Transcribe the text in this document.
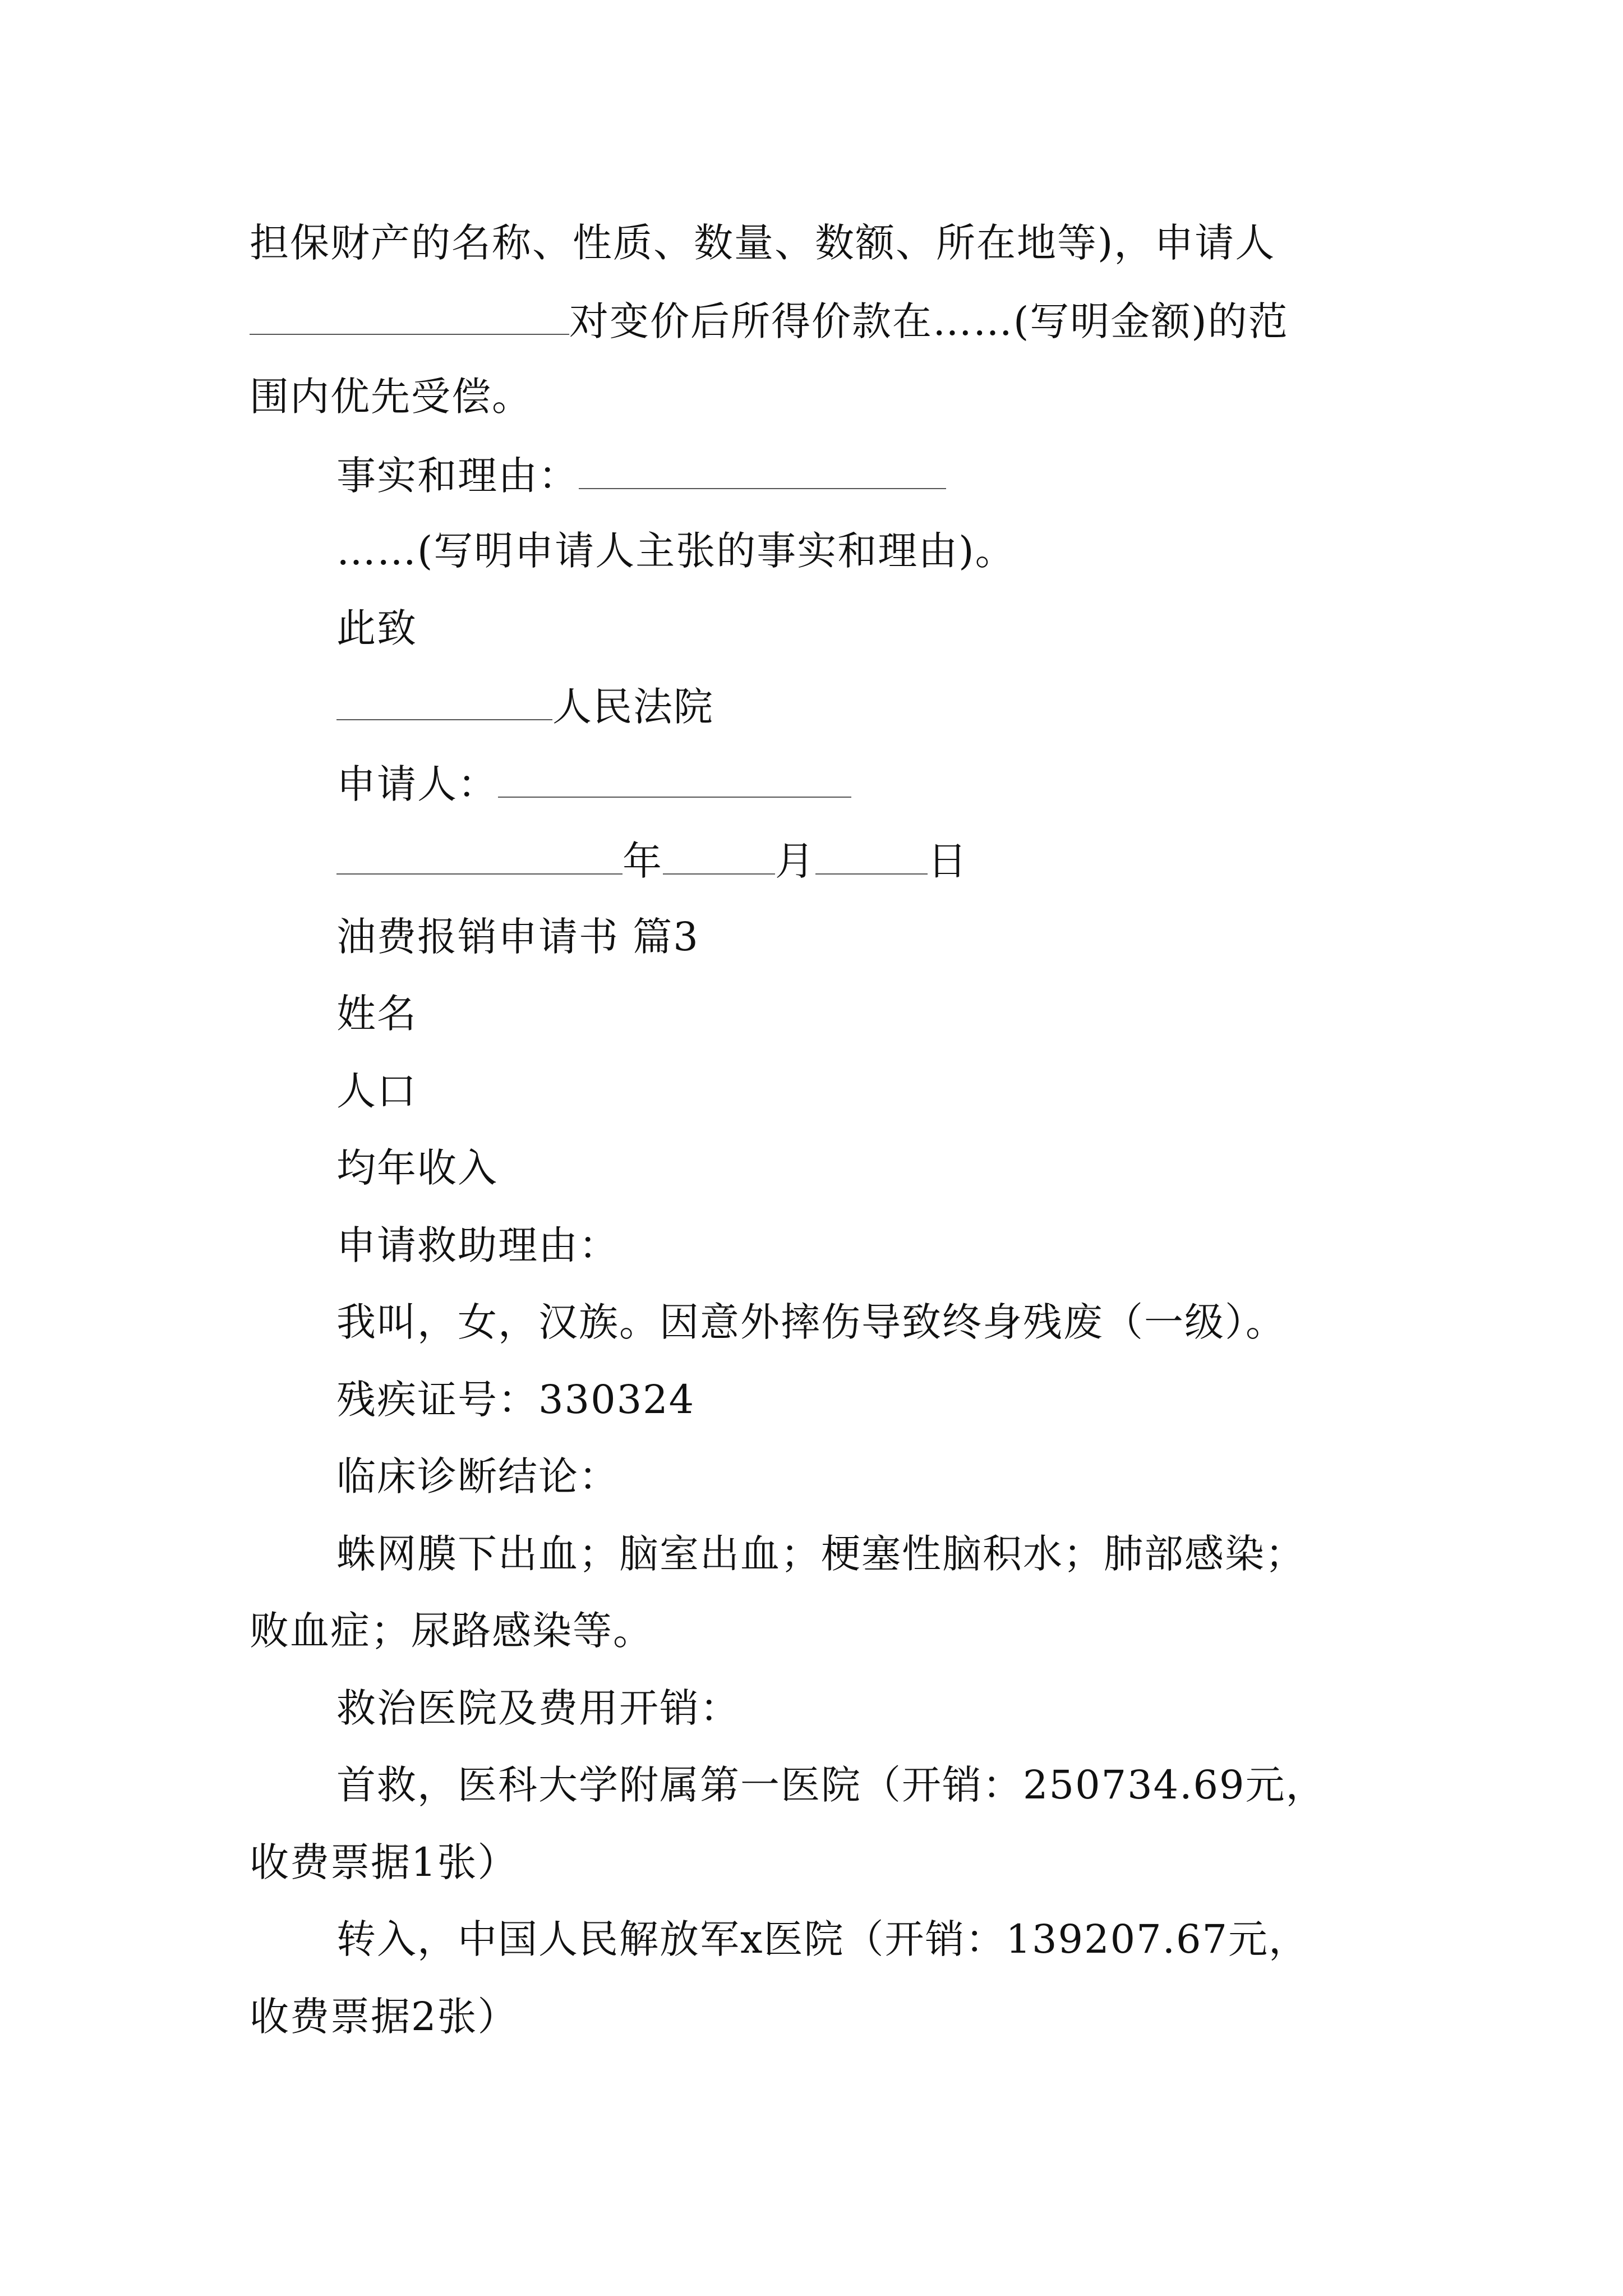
担保财产的名称、性质、数量、数额、所在地等)，申请人
对变价后所得价款在……(写明金额)的范
围内优先受偿。
事实和理由：
……(写明申请人主张的事实和理由)。
此致
人民法院
申请人：
年	月	日
油费报销申请书 篇3
姓名
人口
均年收入
申请救助理由：
我叫，女，汉族。因意外摔伤导致终身残废（一级）。
残疾证号：330324
临床诊断结论：
蛛网膜下出血；脑室出血；梗塞性脑积水；肺部感染；
败血症；尿路感染等。
救治医院及费用开销：
首救，医科大学附属第一医院（开销：250734.69元，
收费票据1张）
转入，中国人民解放军x医院（开销：139207.67元，
收费票据2张）
